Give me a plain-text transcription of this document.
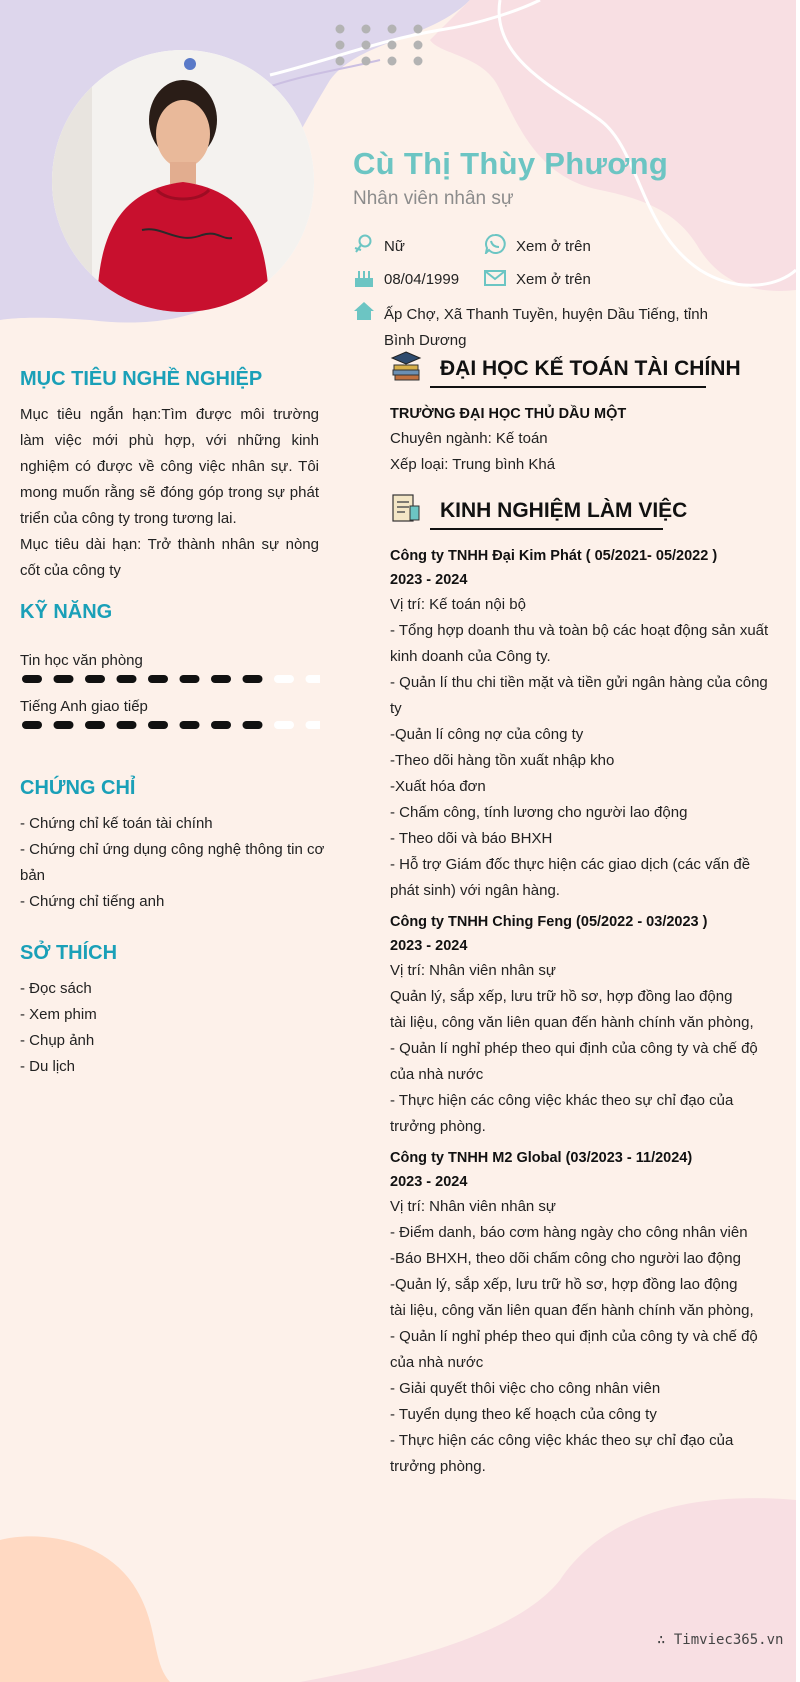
Cù Thị Thùy Phương
Nhân viên nhân sự
Nữ	Xem ở trên
08/04/1999	Xem ở trên
Ấp Chợ, Xã Thanh Tuyền, huyện Dầu Tiếng, tỉnh Bình Dương
MỤC TIÊU NGHỀ NGHIỆP
Mục tiêu ngắn hạn:Tìm được môi trường làm việc mới phù hợp, với những kinh nghiệm có được về công việc nhân sự. Tôi mong muốn rằng sẽ đóng góp trong sự phát triển của công ty trong tương lai.
Mục tiêu dài hạn: Trở thành nhân sự nòng cốt của công ty
KỸ NĂNG
Tin học văn phòng
Tiếng Anh giao tiếp
CHỨNG CHỈ
- Chứng chỉ kế toán tài chính
- Chứng chỉ ứng dụng công nghệ thông tin cơ
bản
- Chứng chỉ tiếng anh
SỞ THÍCH
- Đọc sách
- Xem phim
- Chụp ảnh
- Du lịch
ĐẠI HỌC KẾ TOÁN TÀI CHÍNH
TRƯỜNG ĐẠI HỌC THỦ DẦU MỘT
Chuyên ngành: Kế toán
Xếp loại: Trung bình Khá
KINH NGHIỆM LÀM VIỆC
Công ty TNHH Đại Kim Phát ( 05/2021- 05/2022 )
2023 - 2024
Vị trí: Kế toán nội bộ
- Tổng hợp doanh thu và toàn bộ các hoạt động sản xuất
kinh doanh của Công ty.
- Quản lí thu chi tiền mặt và tiền gửi ngân hàng của công
ty
-Quản lí công nợ của công ty
-Theo dõi hàng tồn xuất nhập kho
-Xuất hóa đơn
- Chấm công, tính lương cho người lao động
- Theo dõi và báo BHXH
- Hỗ trợ Giám đốc thực hiện các giao dịch (các vấn đề
phát sinh) với ngân hàng.
Công ty TNHH Ching Feng (05/2022 - 03/2023 )
2023 - 2024
Vị trí: Nhân viên nhân sự
Quản lý, sắp xếp, lưu trữ hồ sơ, hợp đồng lao động
tài liệu, công văn liên quan đến hành chính văn phòng,
- Quản lí nghỉ phép theo qui định của công ty và chế độ
của nhà nước
- Thực hiện các công việc khác theo sự chỉ đạo của
trưởng phòng.
Công ty TNHH M2 Global (03/2023 - 11/2024)
2023 - 2024
Vị trí: Nhân viên nhân sự
- Điểm danh, báo cơm hàng ngày cho công nhân viên
-Báo BHXH, theo dõi chấm công cho người lao động
-Quản lý, sắp xếp, lưu trữ hồ sơ, hợp đồng lao động
tài liệu, công văn liên quan đến hành chính văn phòng,
- Quản lí nghỉ phép theo qui định của công ty và chế độ
của nhà nước
- Giải quyết thôi việc cho công nhân viên
- Tuyển dụng theo kế hoạch của công ty
- Thực hiện các công việc khác theo sự chỉ đạo của
trưởng phòng.
∴ Timviec365.vn
